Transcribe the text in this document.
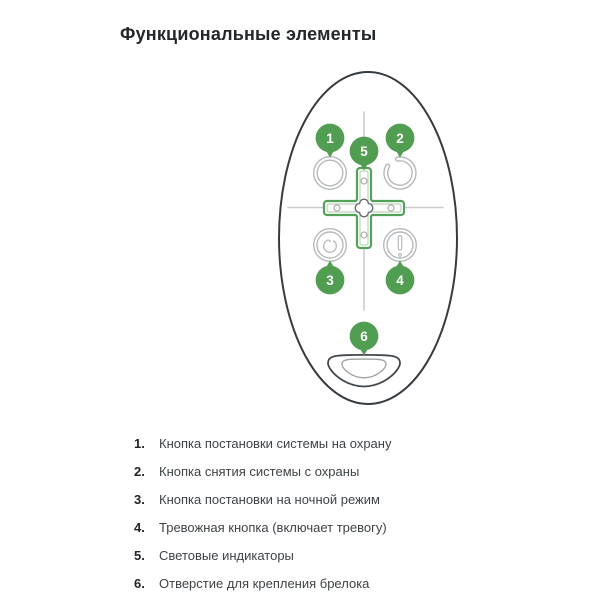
Функциональные элементы
1	2
5
3	4
6
1.	Кнопка постановки системы на охрану
2.	Кнопка снятия системы с охраны
3.	Кнопка постановки на ночной режим
4.	Тревожная кнопка (включает тревогу)
5.	Световые индикаторы
6.	Отверстие для крепления брелока
